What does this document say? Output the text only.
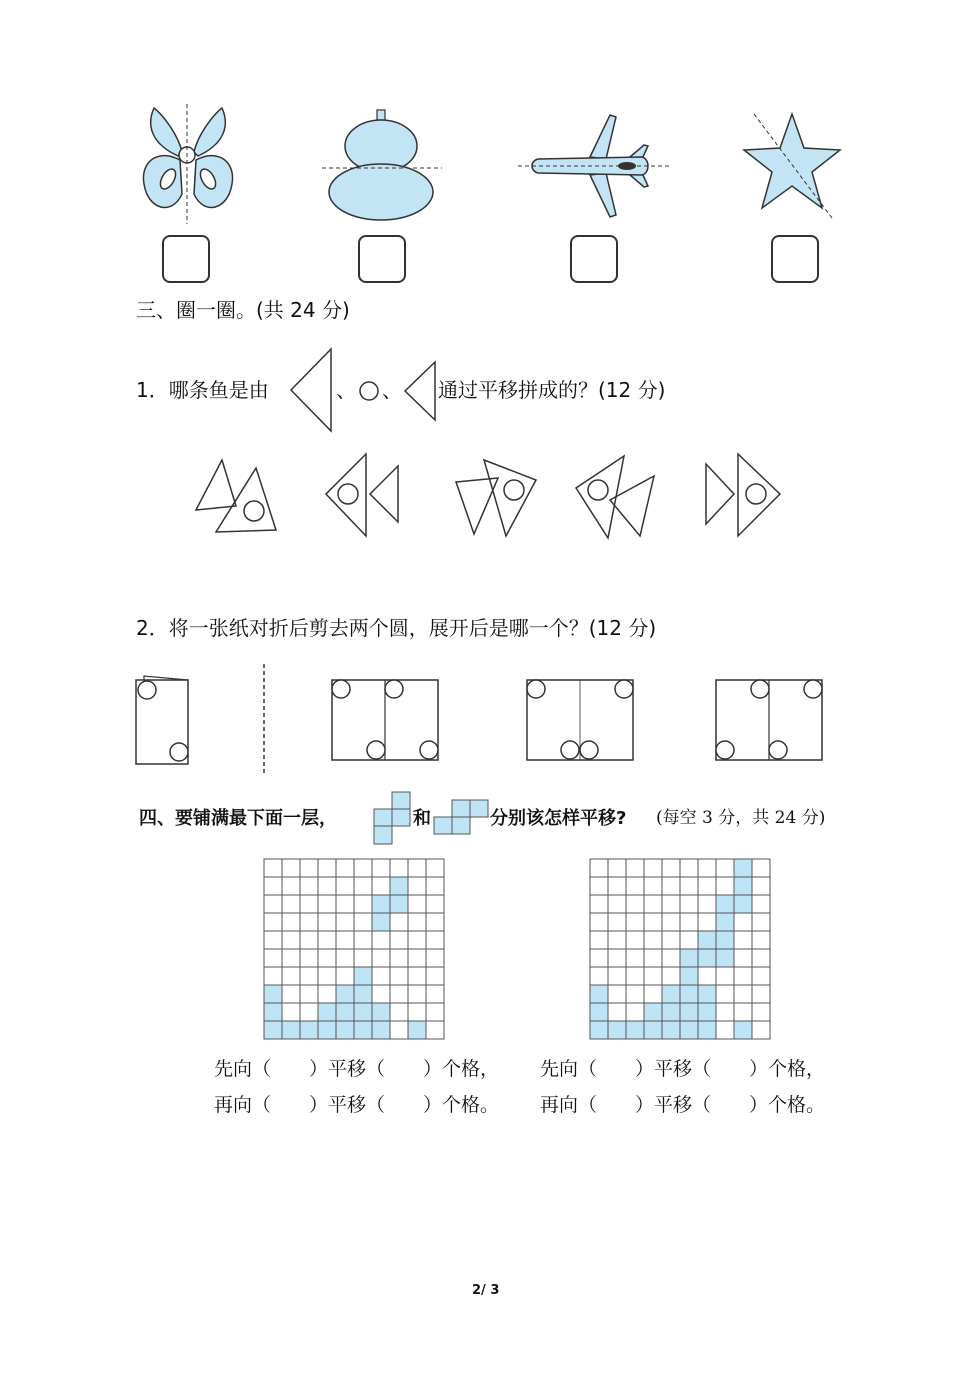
三、圈一圈。(共 24 分)
1．哪条鱼是由	、 、 通过平移拼成的？(12 分)
2．将一张纸对折后剪去两个圆，展开后是哪一个？(12 分)
四、要铺满最下面一层，	和	分别该怎样平移? (每空 3 分，共 24 分)
先向（　　）平移（　　）个格，
再向（　　）平移（　　）个格。
先向（　　）平移（　　）个格，
再向（　　）平移（　　）个格。
2/ 3
